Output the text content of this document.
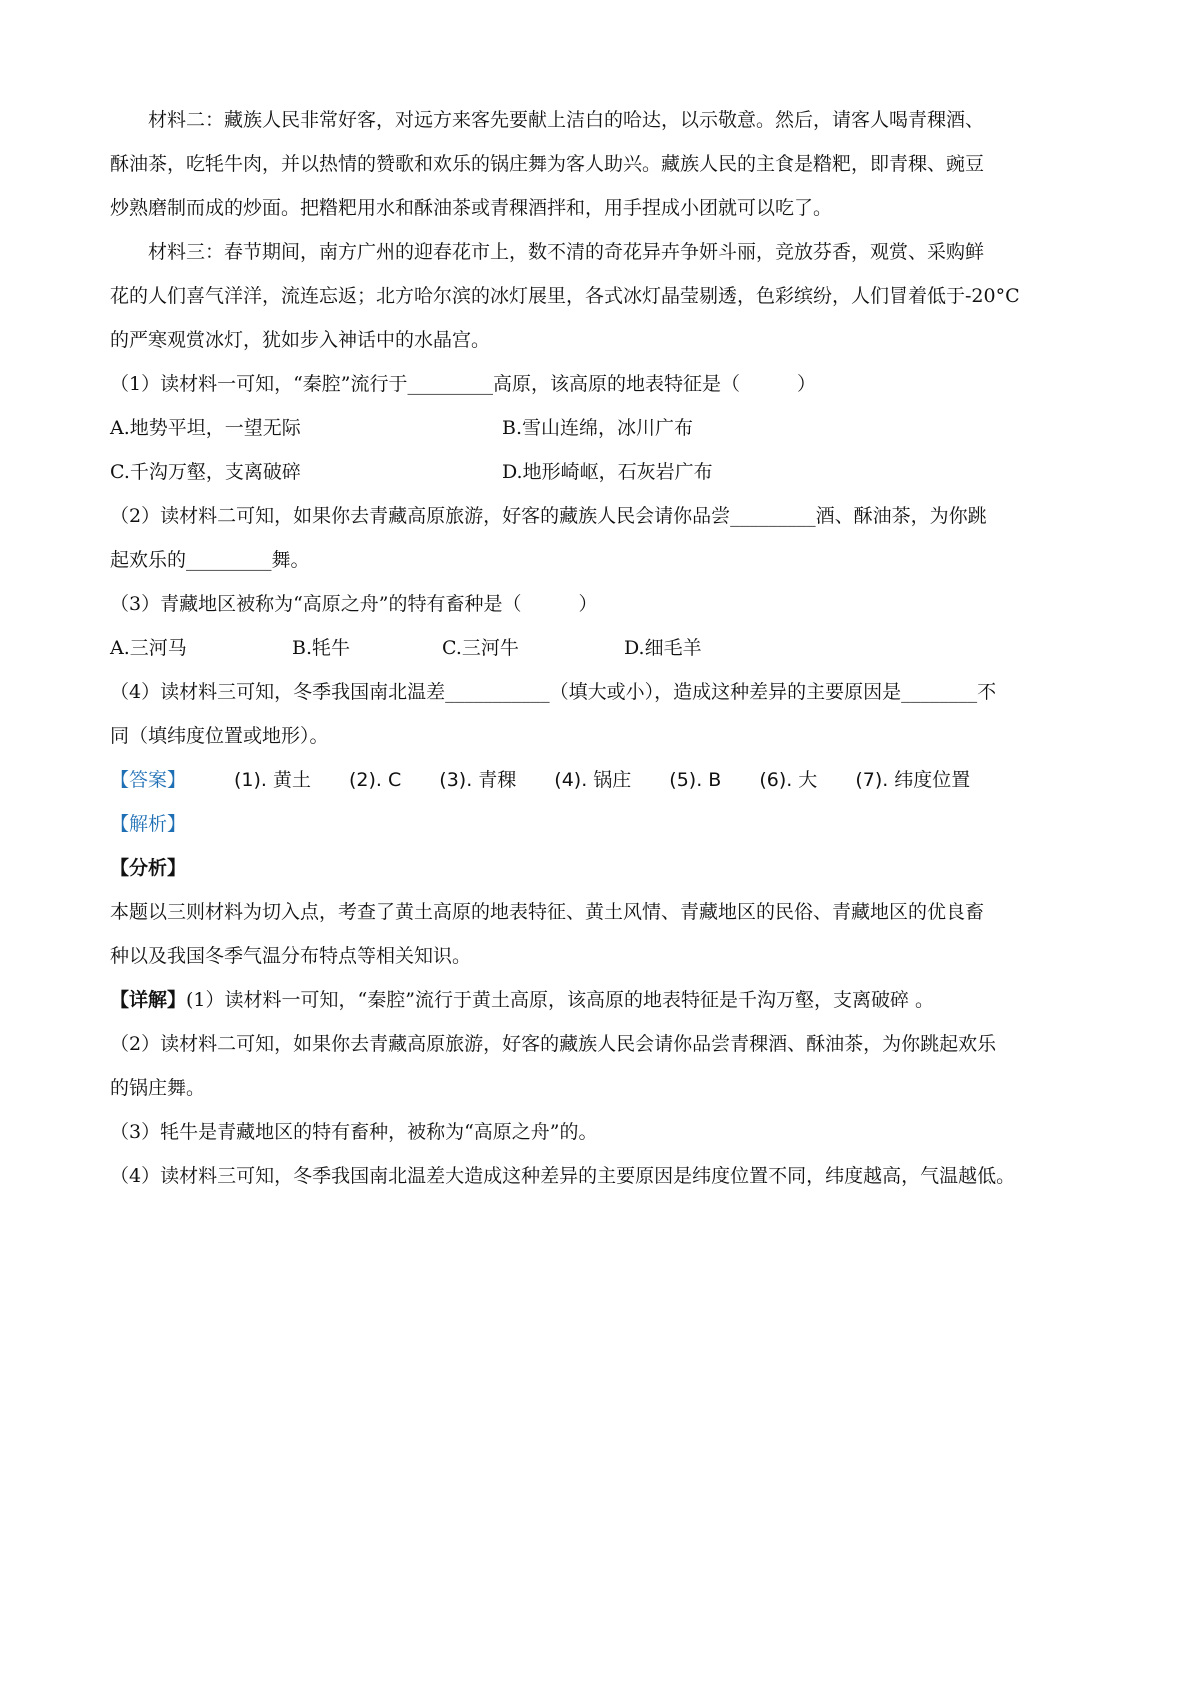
材料二：藏族人民非常好客，对远方来客先要献上洁白的哈达，以示敬意。然后，请客人喝青稞酒、

酥油茶，吃牦牛肉，并以热情的赞歌和欢乐的锅庄舞为客人助兴。藏族人民的主食是糌粑，即青稞、豌豆

炒熟磨制而成的炒面。把糌粑用水和酥油茶或青稞酒拌和，用手捏成小团就可以吃了。

材料三：春节期间，南方广州的迎春花市上，数不清的奇花异卉争妍斗丽，竞放芬香，观赏、采购鲜

花的人们喜气洋洋，流连忘返；北方哈尔滨的冰灯展里，各式冰灯晶莹剔透，色彩缤纷，人们冒着低于-20°C

的严寒观赏冰灯，犹如步入神话中的水晶宫。

（1）读材料一可知，“秦腔”流行于_________高原，该高原的地表特征是（　　　）

A.地势平坦，一望无际	B.雪山连绵，冰川广布
C.千沟万壑，支离破碎	D.地形崎岖，石灰岩广布

（2）读材料二可知，如果你去青藏高原旅游，好客的藏族人民会请你品尝_________酒、酥油茶，为你跳

起欢乐的_________舞。

（3）青藏地区被称为“高原之舟”的特有畜种是（　　　）

A.三河马	B.牦牛	C.三河牛	D.细毛羊

（4）读材料三可知，冬季我国南北温差___________（填大或小），造成这种差异的主要原因是________不

同（填纬度位置或地形）。

【答案】	(1). 黄土 (2). C (3). 青稞 (4). 锅庄 (5). B (6). 大 (7). 纬度位置

【解析】

【分析】

本题以三则材料为切入点，考查了黄土高原的地表特征、黄土风情、青藏地区的民俗、青藏地区的优良畜

种以及我国冬季气温分布特点等相关知识。

【详解】(1）读材料一可知，“秦腔”流行于黄土高原，该高原的地表特征是千沟万壑，支离破碎 。

（2）读材料二可知，如果你去青藏高原旅游，好客的藏族人民会请你品尝青稞酒、酥油茶，为你跳起欢乐

的锅庄舞。

（3）牦牛是青藏地区的特有畜种，被称为“高原之舟”的。

（4）读材料三可知，冬季我国南北温差大造成这种差异的主要原因是纬度位置不同，纬度越高，气温越低。
